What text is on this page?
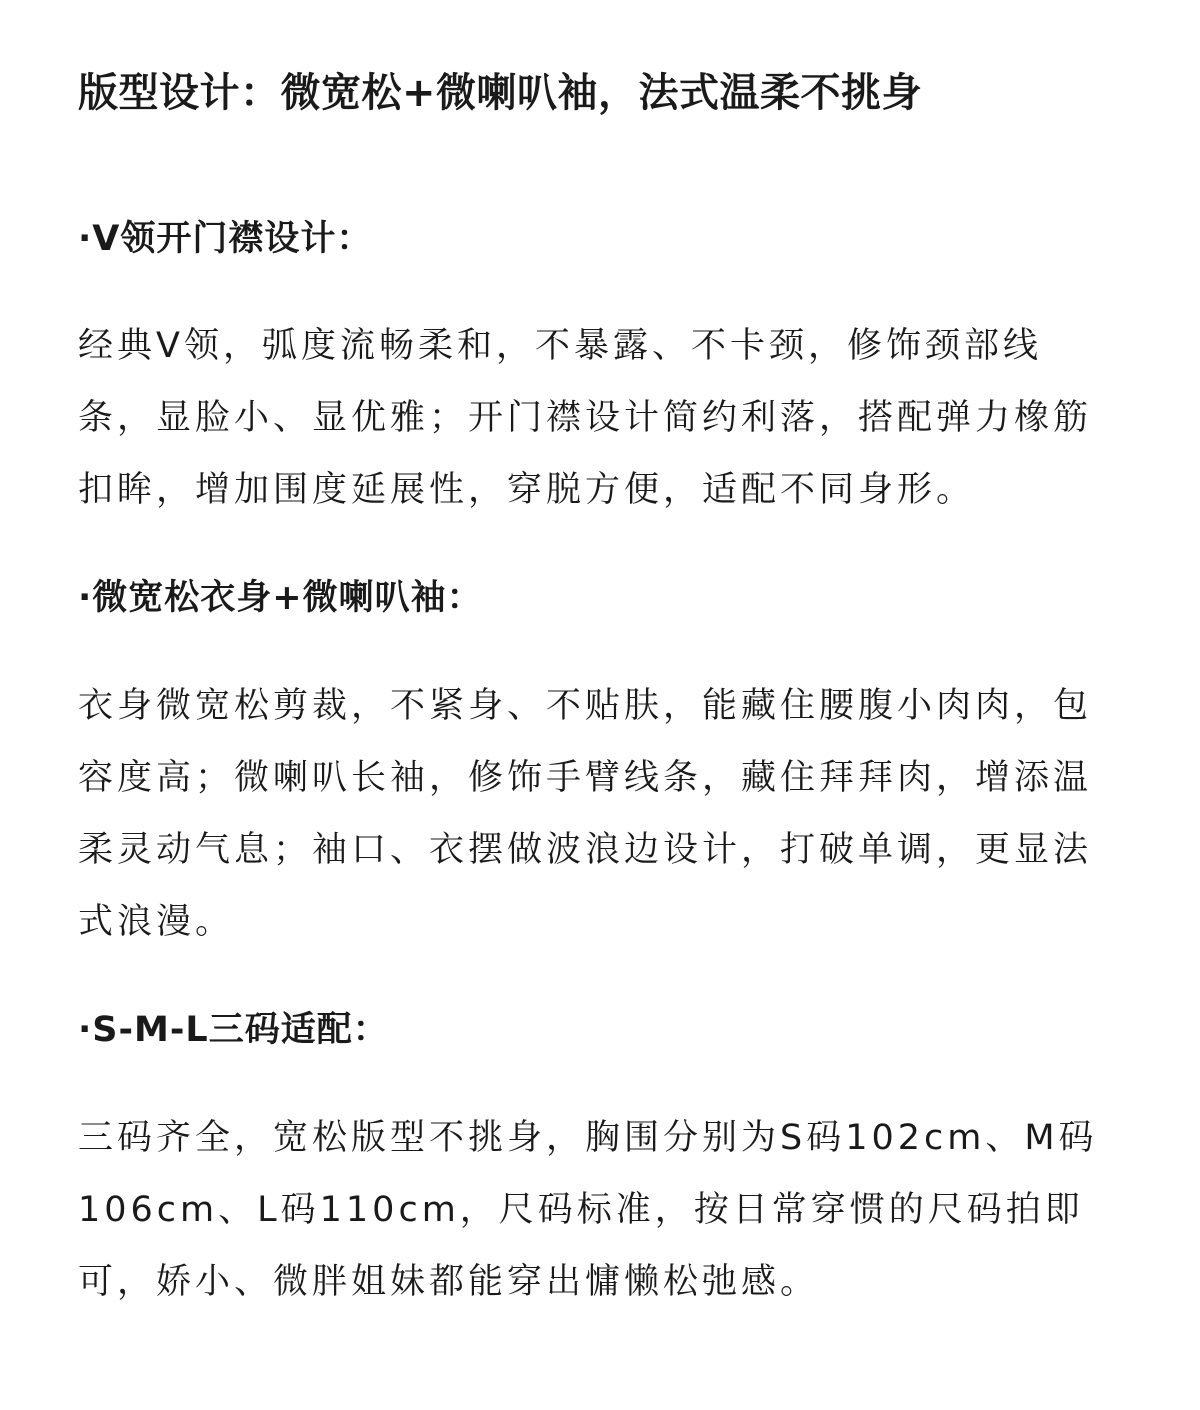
版型设计：微宽松+微喇叭袖，法式温柔不挑身
·V领开门襟设计：
经典V领，弧度流畅柔和，不暴露、不卡颈，修饰颈部线
条，显脸小、显优雅；开门襟设计简约利落，搭配弹力橡筋
扣眸，增加围度延展性，穿脱方便，适配不同身形。
·微宽松衣身+微喇叭袖：
衣身微宽松剪裁，不紧身、不贴肤，能藏住腰腹小肉肉，包
容度高；微喇叭长袖，修饰手臂线条，藏住拜拜肉，增添温
柔灵动气息；袖口、衣摆做波浪边设计，打破单调，更显法
式浪漫。
·S-M-L三码适配：
三码齐全，宽松版型不挑身，胸围分别为S码102cm、M码
106cm、L码110cm，尺码标准，按日常穿惯的尺码拍即
可，娇小、微胖姐妹都能穿出慵懒松弛感。
